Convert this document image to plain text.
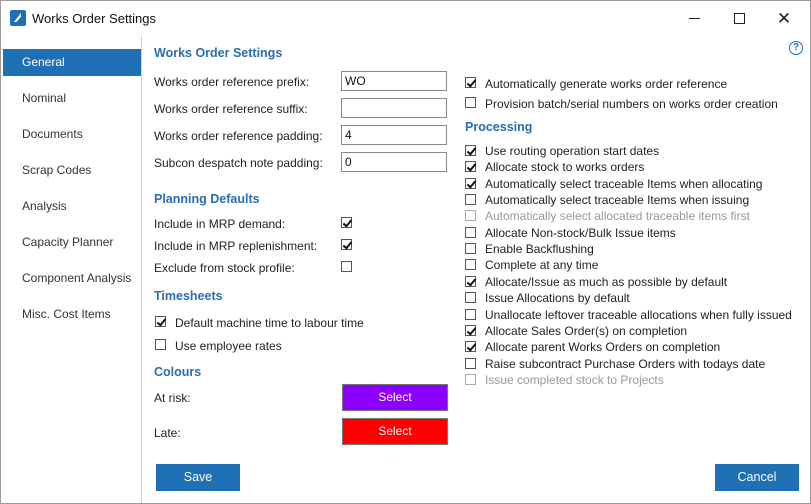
Works Order Settings	✕
General
Nominal
Documents
Scrap Codes
Analysis
Capacity Planner
Component Analysis
Misc. Cost Items
?
Works Order Settings
Works order reference prefix:
WO
Works order reference suffix:
Works order reference padding:
4
Subcon despatch note padding:
0
Planning Defaults
Include in MRP demand:
Include in MRP replenishment:
Exclude from stock profile:
Timesheets
Default machine time to labour time
Use employee rates
Colours
At risk:	Select
Late:	Select
Automatically generate works order reference
Provision batch/serial numbers on works order creation
Processing
Use routing operation start dates
Allocate stock to works orders
Automatically select traceable Items when allocating
Automatically select traceable Items when issuing
Automatically select allocated traceable items first
Allocate Non-stock/Bulk Issue items
Enable Backflushing
Complete at any time
Allocate/Issue as much as possible by default
Issue Allocations by default
Unallocate leftover traceable allocations when fully issued
Allocate Sales Order(s) on completion
Allocate parent Works Orders on completion
Raise subcontract Purchase Orders with todays date
Issue completed stock to Projects
Save	Cancel
